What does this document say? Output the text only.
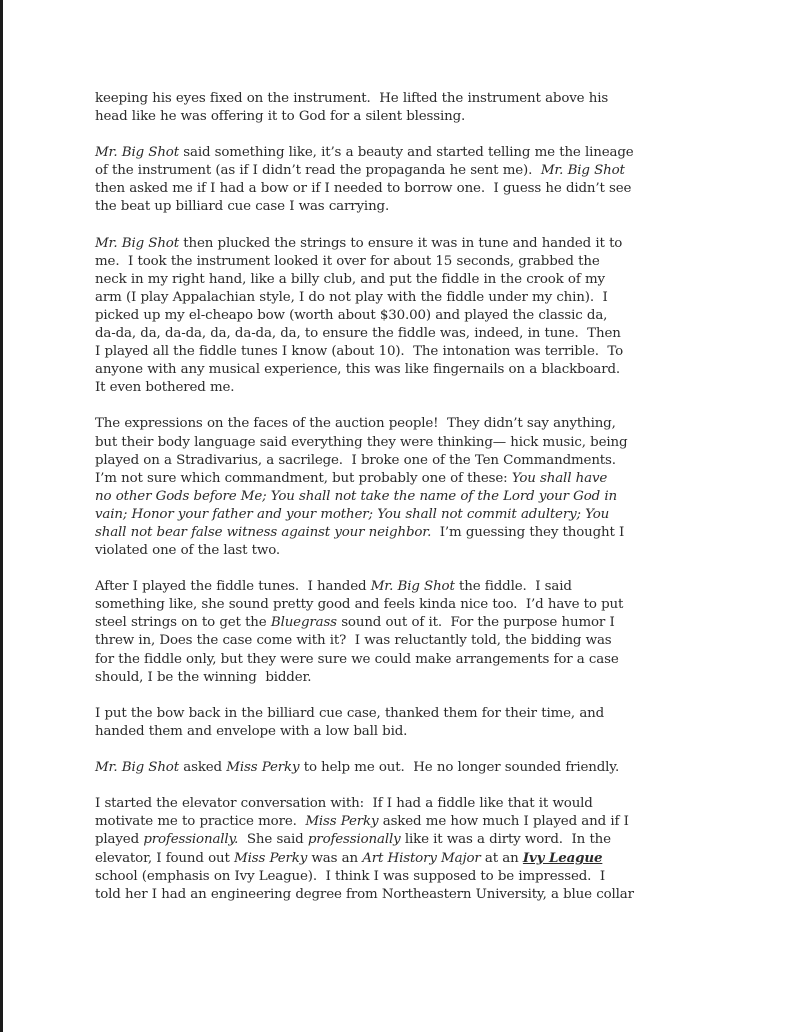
keeping his eyes fixed on the instrument.  He lifted the instrument above his
head like he was offering it to God for a silent blessing.

Mr. Big Shot said something like, it’s a beauty and started telling me the lineage
of the instrument (as if I didn’t read the propaganda he sent me).  Mr. Big Shot
then asked me if I had a bow or if I needed to borrow one.  I guess he didn’t see
the beat up billiard cue case I was carrying.

Mr. Big Shot then plucked the strings to ensure it was in tune and handed it to
me.  I took the instrument looked it over for about 15 seconds, grabbed the
neck in my right hand, like a billy club, and put the fiddle in the crook of my
arm (I play Appalachian style, I do not play with the fiddle under my chin).  I
picked up my el-cheapo bow (worth about $30.00) and played the classic da,
da-da, da, da-da, da, da-da, da, to ensure the fiddle was, indeed, in tune.  Then
I played all the fiddle tunes I know (about 10).  The intonation was terrible.  To
anyone with any musical experience, this was like fingernails on a blackboard.
It even bothered me.

The expressions on the faces of the auction people!  They didn’t say anything,
but their body language said everything they were thinking— hick music, being
played on a Stradivarius, a sacrilege.  I broke one of the Ten Commandments.
I’m not sure which commandment, but probably one of these: You shall have
no other Gods before Me; You shall not take the name of the Lord your God in
vain; Honor your father and your mother; You shall not commit adultery; You
shall not bear false witness against your neighbor.  I’m guessing they thought I
violated one of the last two.

After I played the fiddle tunes.  I handed Mr. Big Shot the fiddle.  I said
something like, she sound pretty good and feels kinda nice too.  I’d have to put
steel strings on to get the Bluegrass sound out of it.  For the purpose humor I
threw in, Does the case come with it?  I was reluctantly told, the bidding was
for the fiddle only, but they were sure we could make arrangements for a case
should, I be the winning  bidder.

I put the bow back in the billiard cue case, thanked them for their time, and
handed them and envelope with a low ball bid.

Mr. Big Shot asked Miss Perky to help me out.  He no longer sounded friendly.

I started the elevator conversation with:  If I had a fiddle like that it would
motivate me to practice more.  Miss Perky asked me how much I played and if I
played professionally.  She said professionally like it was a dirty word.  In the
elevator, I found out Miss Perky was an Art History Major at an Ivy League
school (emphasis on Ivy League).  I think I was supposed to be impressed.  I
told her I had an engineering degree from Northeastern University, a blue collar
